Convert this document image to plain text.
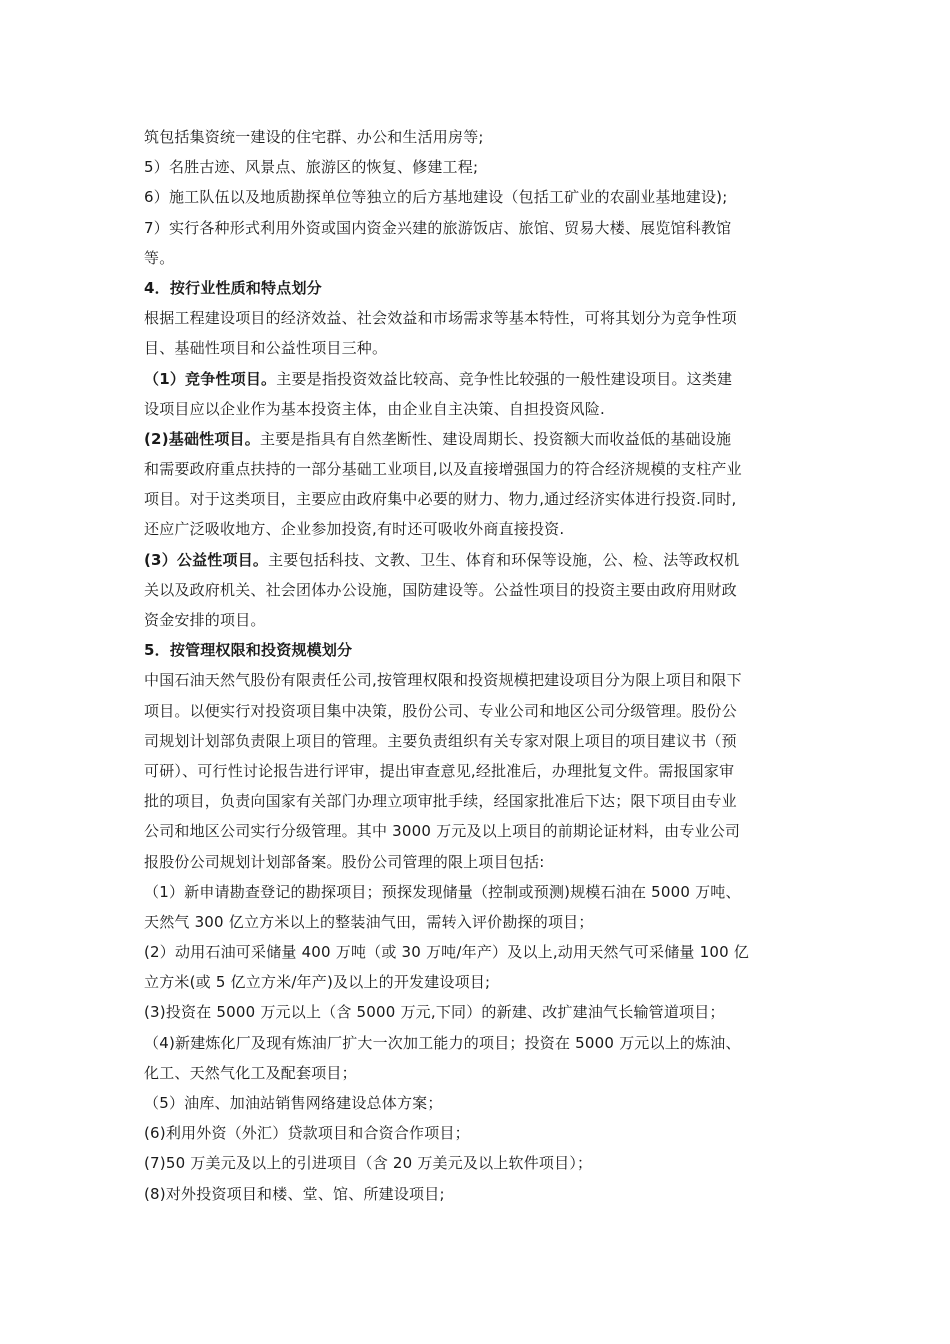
筑包括集资统一建设的住宅群、办公和生活用房等;
5）名胜古迹、风景点、旅游区的恢复、修建工程;
6）施工队伍以及地质勘探单位等独立的后方基地建设（包括工矿业的农副业基地建设);
7）实行各种形式利用外资或国内资金兴建的旅游饭店、旅馆、贸易大楼、展览馆科教馆
等。
4．按行业性质和特点划分
根据工程建设项目的经济效益、社会效益和市场需求等基本特性，可将其划分为竞争性项
目、基础性项目和公益性项目三种。
（1）竞争性项目。主要是指投资效益比较高、竞争性比较强的一般性建设项目。这类建
设项目应以企业作为基本投资主体，由企业自主决策、自担投资风险.
(2)基础性项目。主要是指具有自然垄断性、建设周期长、投资额大而收益低的基础设施
和需要政府重点扶持的一部分基础工业项目,以及直接增强国力的符合经济规模的支柱产业
项目。对于这类项目，主要应由政府集中必要的财力、物力,通过经济实体进行投资.同时,
还应广泛吸收地方、企业参加投资,有时还可吸收外商直接投资.
(3）公益性项目。主要包括科技、文教、卫生、体育和环保等设施，公、检、法等政权机
关以及政府机关、社会团体办公设施，国防建设等。公益性项目的投资主要由政府用财政
资金安排的项目。
5．按管理权限和投资规模划分
中国石油天然气股份有限责任公司,按管理权限和投资规模把建设项目分为限上项目和限下
项目。以便实行对投资项目集中决策，股份公司、专业公司和地区公司分级管理。股份公
司规划计划部负责限上项目的管理。主要负责组织有关专家对限上项目的项目建议书（预
可研）、可行性讨论报告进行评审，提出审查意见,经批准后，办理批复文件。需报国家审
批的项目，负责向国家有关部门办理立项审批手续，经国家批准后下达；限下项目由专业
公司和地区公司实行分级管理。其中 3000 万元及以上项目的前期论证材料，由专业公司
报股份公司规划计划部备案。股份公司管理的限上项目包括:
（1）新申请勘查登记的勘探项目；预探发现储量（控制或预测)规模石油在 5000 万吨、
天然气 300 亿立方米以上的整装油气田，需转入评价勘探的项目；
(2）动用石油可采储量 400 万吨（或 30 万吨/年产）及以上,动用天然气可采储量 100 亿
立方米(或 5 亿立方米/年产)及以上的开发建设项目;
(3)投资在 5000 万元以上（含 5000 万元,下同）的新建、改扩建油气长输管道项目；
（4)新建炼化厂及现有炼油厂扩大一次加工能力的项目；投资在 5000 万元以上的炼油、
化工、天然气化工及配套项目；
（5）油库、加油站销售网络建设总体方案；
(6)利用外资（外汇）贷款项目和合资合作项目；
(7)50 万美元及以上的引进项目（含 20 万美元及以上软件项目）；
(8)对外投资项目和楼、堂、馆、所建设项目;
